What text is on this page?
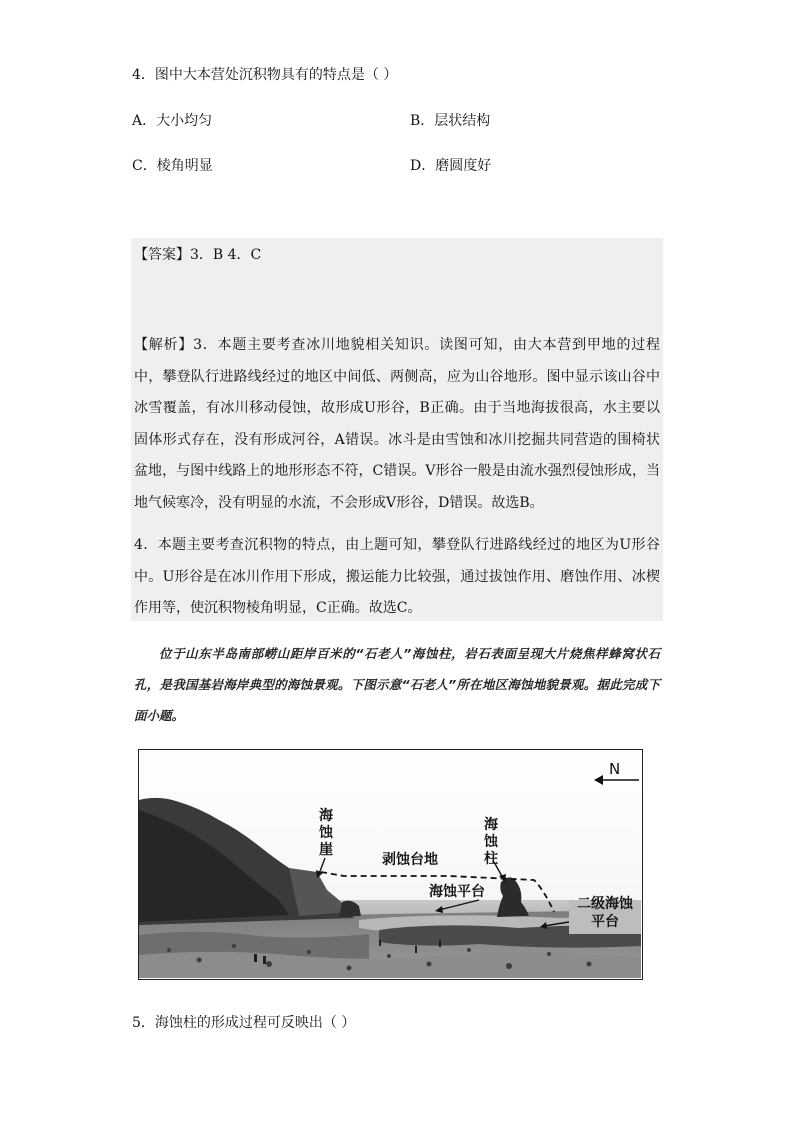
4．图中大本营处沉积物具有的特点是（ ）
A．大小均匀	B．层状结构
C．棱角明显	D．磨圆度好
【答案】3．B 4．C

【解析】3．本题主要考查冰川地貌相关知识。读图可知，由大本营到甲地的过程中，攀登队行进路线经过的地区中间低、两侧高，应为山谷地形。图中显示该山谷中冰雪覆盖，有冰川移动侵蚀，故形成U形谷，B正确。由于当地海拔很高，水主要以固体形式存在，没有形成河谷，A错误。冰斗是由雪蚀和冰川挖掘共同营造的围椅状盆地，与图中线路上的地形形态不符，C错误。V形谷一般是由流水强烈侵蚀形成，当地气候寒冷，没有明显的水流，不会形成V形谷，D错误。故选B。

4．本题主要考查沉积物的特点，由上题可知，攀登队行进路线经过的地区为U形谷中。U形谷是在冰川作用下形成，搬运能力比较强，通过拔蚀作用、磨蚀作用、冰楔作用等，使沉积物棱角明显，C正确。故选C。

位于山东半岛南部崂山距岸百米的“石老人”海蚀柱，岩石表面呈现大片烧焦样蜂窝状石孔，是我国基岩海岸典型的海蚀景观。下图示意“石老人”所在地区海蚀地貌景观。据此完成下面小题。

N
海
蚀
崖
海
蚀
柱
剥蚀台地
海蚀平台
二级海蚀
平台
5．海蚀柱的形成过程可反映出（ ）
